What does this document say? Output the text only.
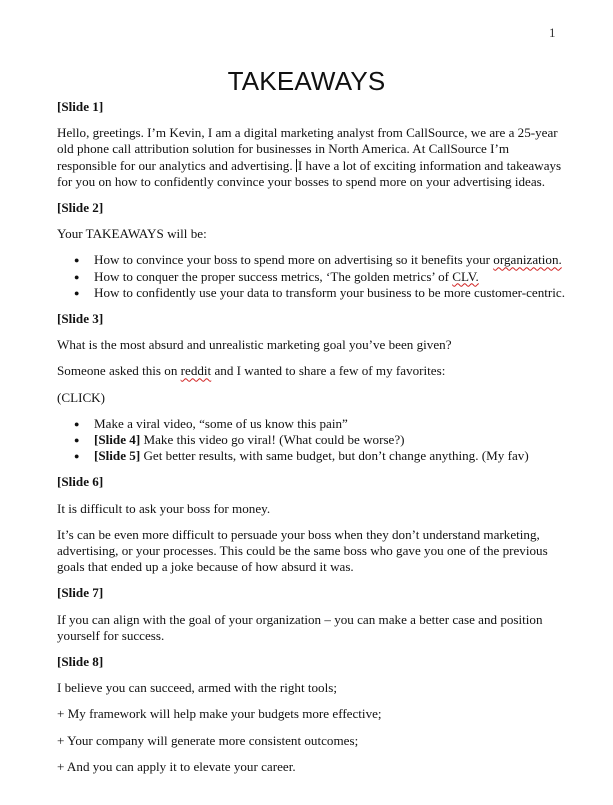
1
TAKEAWAYS

[Slide 1]

Hello, greetings. I’m Kevin, I am a digital marketing analyst from CallSource, we are a 25-year old phone call attribution solution for businesses in North America. At CallSource I’m responsible for our analytics and advertising. I have a lot of exciting information and takeaways for you on how to confidently convince your bosses to spend more on your advertising ideas.

[Slide 2]

Your TAKEAWAYS will be:

● How to convince your boss to spend more on advertising so it benefits your organization.
● How to conquer the proper success metrics, ‘The golden metrics’ of CLV.
● How to confidently use your data to transform your business to be more customer-centric.

[Slide 3]

What is the most absurd and unrealistic marketing goal you’ve been given?

Someone asked this on reddit and I wanted to share a few of my favorites:

(CLICK)

● Make a viral video, “some of us know this pain”
● [Slide 4] Make this video go viral! (What could be worse?)
● [Slide 5] Get better results, with same budget, but don’t change anything. (My fav)

[Slide 6]

It is difficult to ask your boss for money.

It’s can be even more difficult to persuade your boss when they don’t understand marketing, advertising, or your processes. This could be the same boss who gave you one of the previous goals that ended up a joke because of how absurd it was.

[Slide 7]

If you can align with the goal of your organization – you can make a better case and position yourself for success.

[Slide 8]

I believe you can succeed, armed with the right tools;

+ My framework will help make your budgets more effective;

+ Your company will generate more consistent outcomes;

+ And you can apply it to elevate your career.
